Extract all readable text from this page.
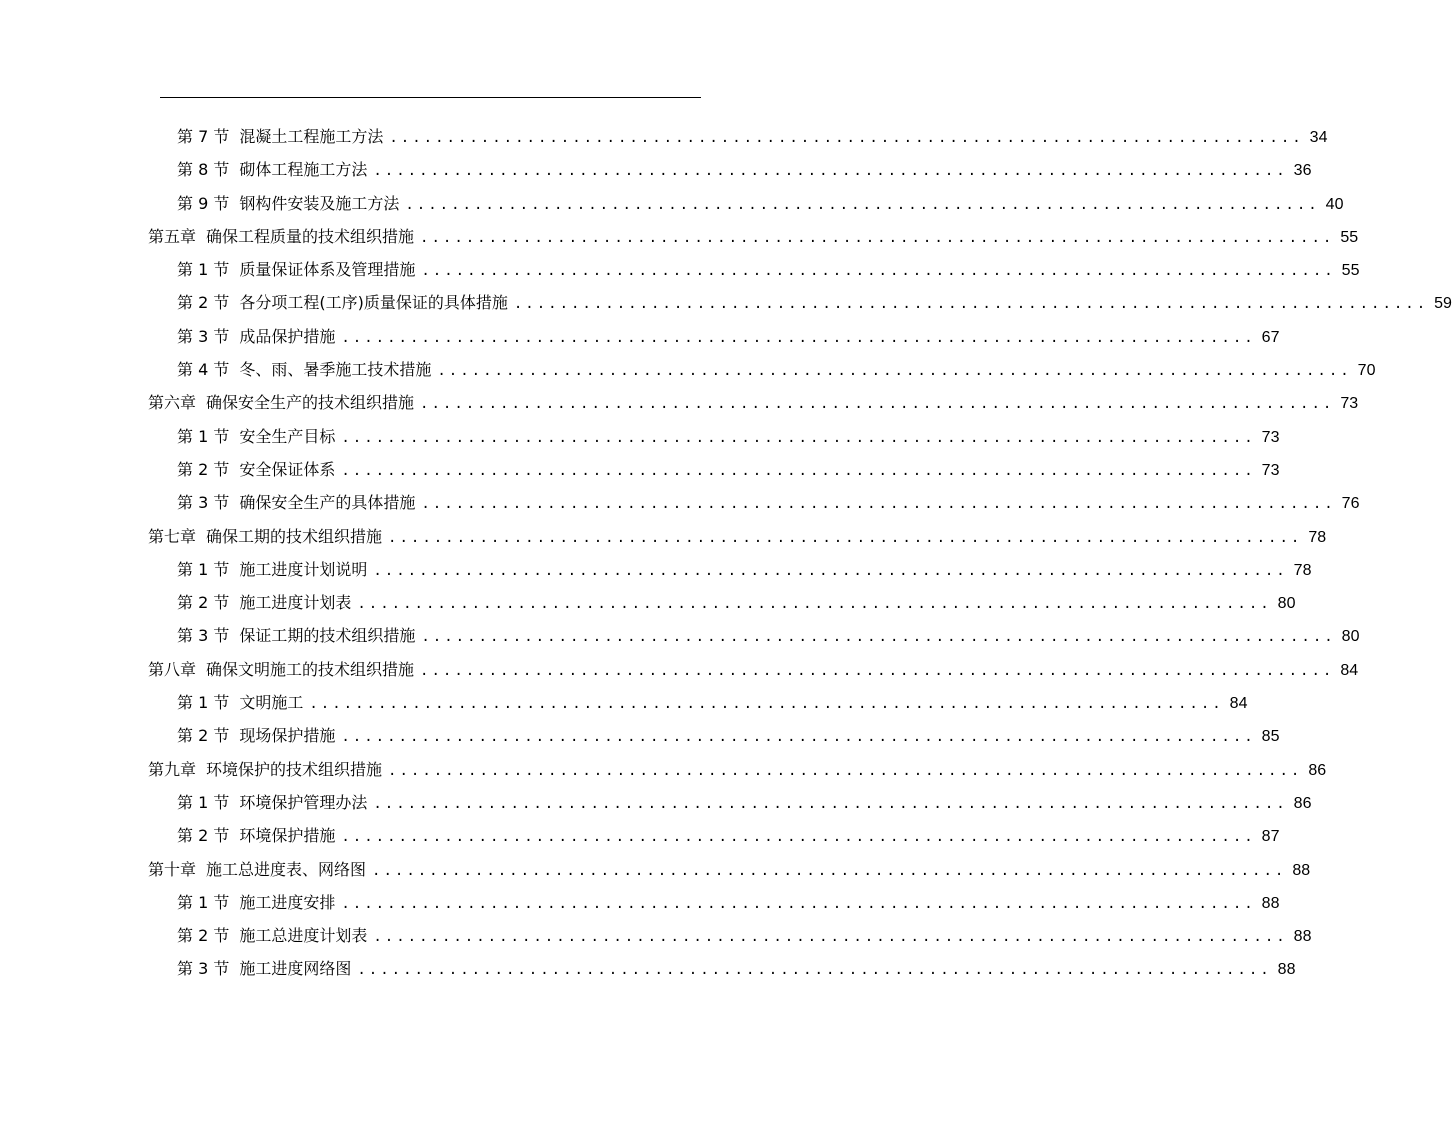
第 7 节 混凝土工程施工方法 ................................................................................ 34
第 8 节 砌体工程施工方法 ................................................................................ 36
第 9 节 钢构件安装及施工方法 ................................................................................ 40
第五章 确保工程质量的技术组织措施 ................................................................................ 55
第 1 节 质量保证体系及管理措施 ................................................................................ 55
第 2 节 各分项工程(工序)质量保证的具体措施 ................................................................................ 59
第 3 节 成品保护措施 ................................................................................ 67
第 4 节 冬、雨、暑季施工技术措施 ................................................................................ 70
第六章 确保安全生产的技术组织措施 ................................................................................ 73
第 1 节 安全生产目标 ................................................................................ 73
第 2 节 安全保证体系 ................................................................................ 73
第 3 节 确保安全生产的具体措施 ................................................................................ 76
第七章 确保工期的技术组织措施 ................................................................................ 78
第 1 节 施工进度计划说明 ................................................................................ 78
第 2 节 施工进度计划表 ................................................................................ 80
第 3 节 保证工期的技术组织措施 ................................................................................ 80
第八章 确保文明施工的技术组织措施 ................................................................................ 84
第 1 节 文明施工 ................................................................................ 84
第 2 节 现场保护措施 ................................................................................ 85
第九章 环境保护的技术组织措施 ................................................................................ 86
第 1 节 环境保护管理办法 ................................................................................ 86
第 2 节 环境保护措施 ................................................................................ 87
第十章 施工总进度表、网络图 ................................................................................ 88
第 1 节 施工进度安排 ................................................................................ 88
第 2 节 施工总进度计划表 ................................................................................ 88
第 3 节 施工进度网络图 ................................................................................ 88
